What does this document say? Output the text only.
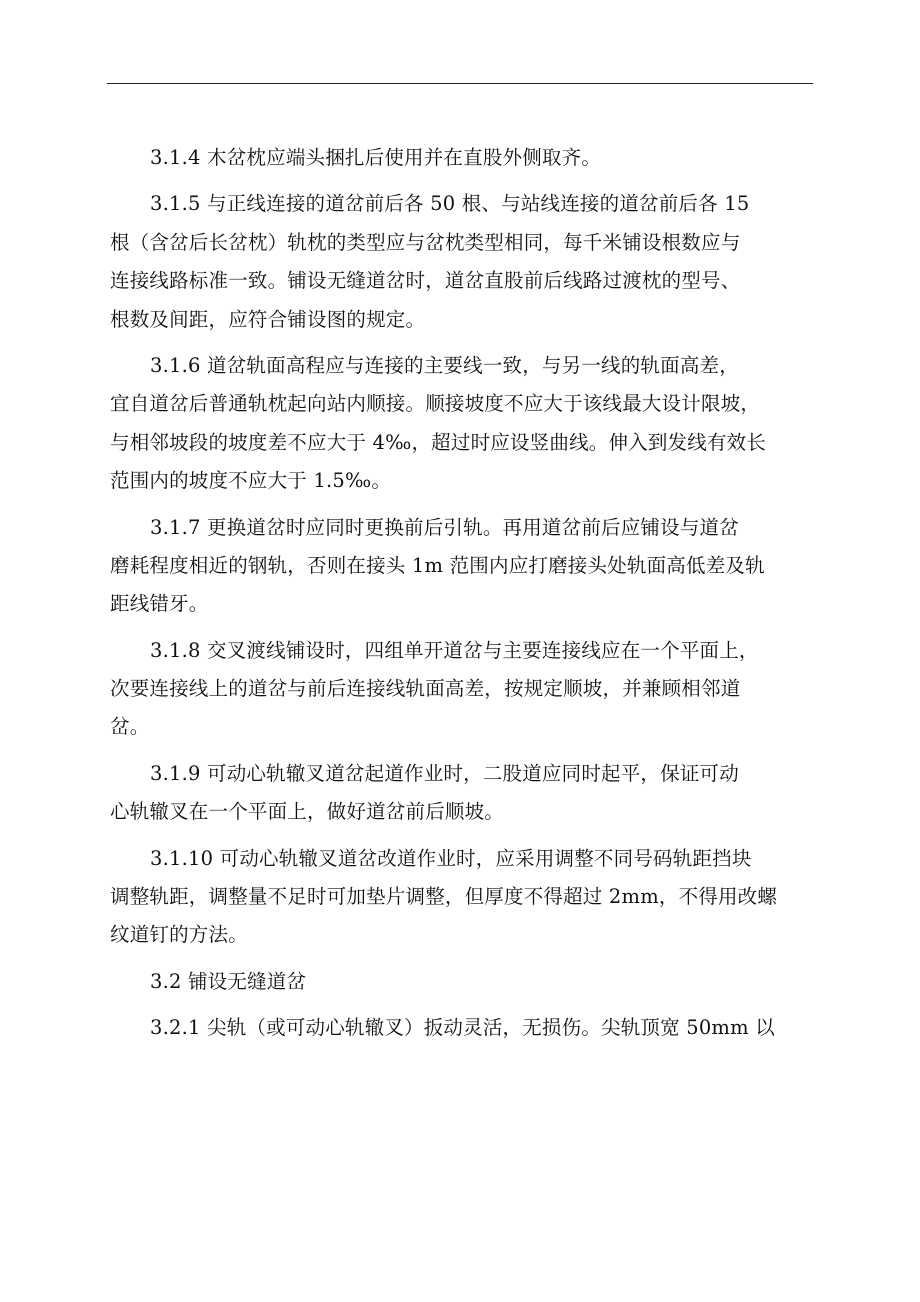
3.1.4 木岔枕应端头捆扎后使用并在直股外侧取齐。

3.1.5 与正线连接的道岔前后各 50 根、与站线连接的道岔前后各 15
根（含岔后长岔枕）轨枕的类型应与岔枕类型相同，每千米铺设根数应与
连接线路标准一致。铺设无缝道岔时，道岔直股前后线路过渡枕的型号、
根数及间距，应符合铺设图的规定。

3.1.6 道岔轨面高程应与连接的主要线一致，与另一线的轨面高差，
宜自道岔后普通轨枕起向站内顺接。顺接坡度不应大于该线最大设计限坡，
与相邻坡段的坡度差不应大于 4‰，超过时应设竖曲线。伸入到发线有效长
范围内的坡度不应大于 1.5‰。

3.1.7 更换道岔时应同时更换前后引轨。再用道岔前后应铺设与道岔
磨耗程度相近的钢轨，否则在接头 1m 范围内应打磨接头处轨面高低差及轨
距线错牙。

3.1.8 交叉渡线铺设时，四组单开道岔与主要连接线应在一个平面上，
次要连接线上的道岔与前后连接线轨面高差，按规定顺坡，并兼顾相邻道
岔。

3.1.9 可动心轨辙叉道岔起道作业时，二股道应同时起平，保证可动
心轨辙叉在一个平面上，做好道岔前后顺坡。

3.1.10 可动心轨辙叉道岔改道作业时，应采用调整不同号码轨距挡块
调整轨距，调整量不足时可加垫片调整，但厚度不得超过 2mm，不得用改螺
纹道钉的方法。

3.2 铺设无缝道岔

3.2.1 尖轨（或可动心轨辙叉）扳动灵活，无损伤。尖轨顶宽 50mm 以
